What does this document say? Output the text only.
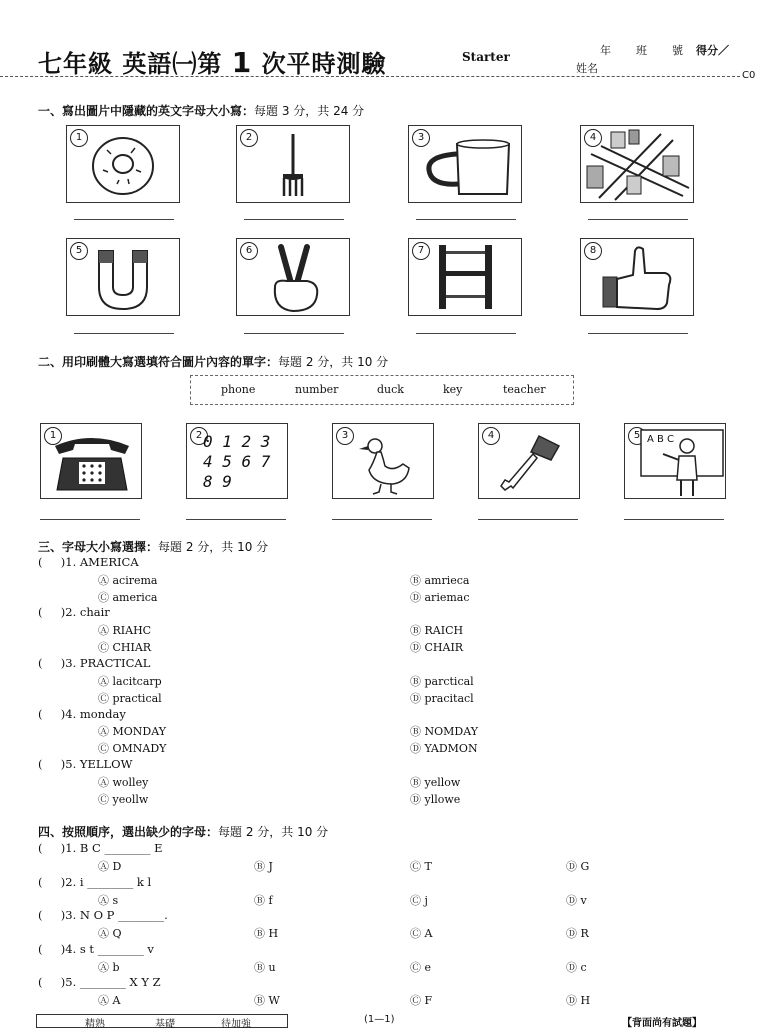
七年級 英語㈠第 1 次平時測驗	Starter	年 班 號 得分／
姓名
C0
一、寫出圖片中隱藏的英文字母大小寫：每題 3 分，共 24 分
1	2	3	4
5	6	7	8
二、用印刷體大寫選填符合圖片內容的單字：每題 2 分，共 10 分
phone	number	duck	key	teacher
1	2 0 1 2 3
4 5 6 7
8 9
3	4	5 A B C
三、字母大小寫選擇：每題 2 分，共 10 分
(     )1. AMERICA
Ⓐ acirema	Ⓑ amrieca
Ⓒ america	Ⓓ ariemac
(     )2. chair
Ⓐ RIAHC	Ⓑ RAICH
Ⓒ CHIAR	Ⓓ CHAIR
(     )3. PRACTICAL
Ⓐ lacitcarp	Ⓑ parctical
Ⓒ practical	Ⓓ pracitacl
(     )4. monday
Ⓐ MONDAY	Ⓑ NOMDAY
Ⓒ OMNADY	Ⓓ YADMON
(     )5. YELLOW
Ⓐ wolley	Ⓑ yellow
Ⓒ yeollw	Ⓓ yllowe
四、按照順序，選出缺少的字母：每題 2 分，共 10 分
(     )1. B C ________ E
Ⓐ D	Ⓑ J	Ⓒ T	Ⓓ G
(     )2. i ________ k l
Ⓐ s	Ⓑ f	Ⓒ j	Ⓓ v
(     )3. N O P ________.
Ⓐ Q	Ⓑ H	Ⓒ A	Ⓓ R
(     )4. s t ________ v
Ⓐ b	Ⓑ u	Ⓒ e	Ⓓ c
(     )5. ________ X Y Z
Ⓐ A	Ⓑ W	Ⓒ F	Ⓓ H
精熟	基礎	待加強	(1—1)	【背面尚有試題】
